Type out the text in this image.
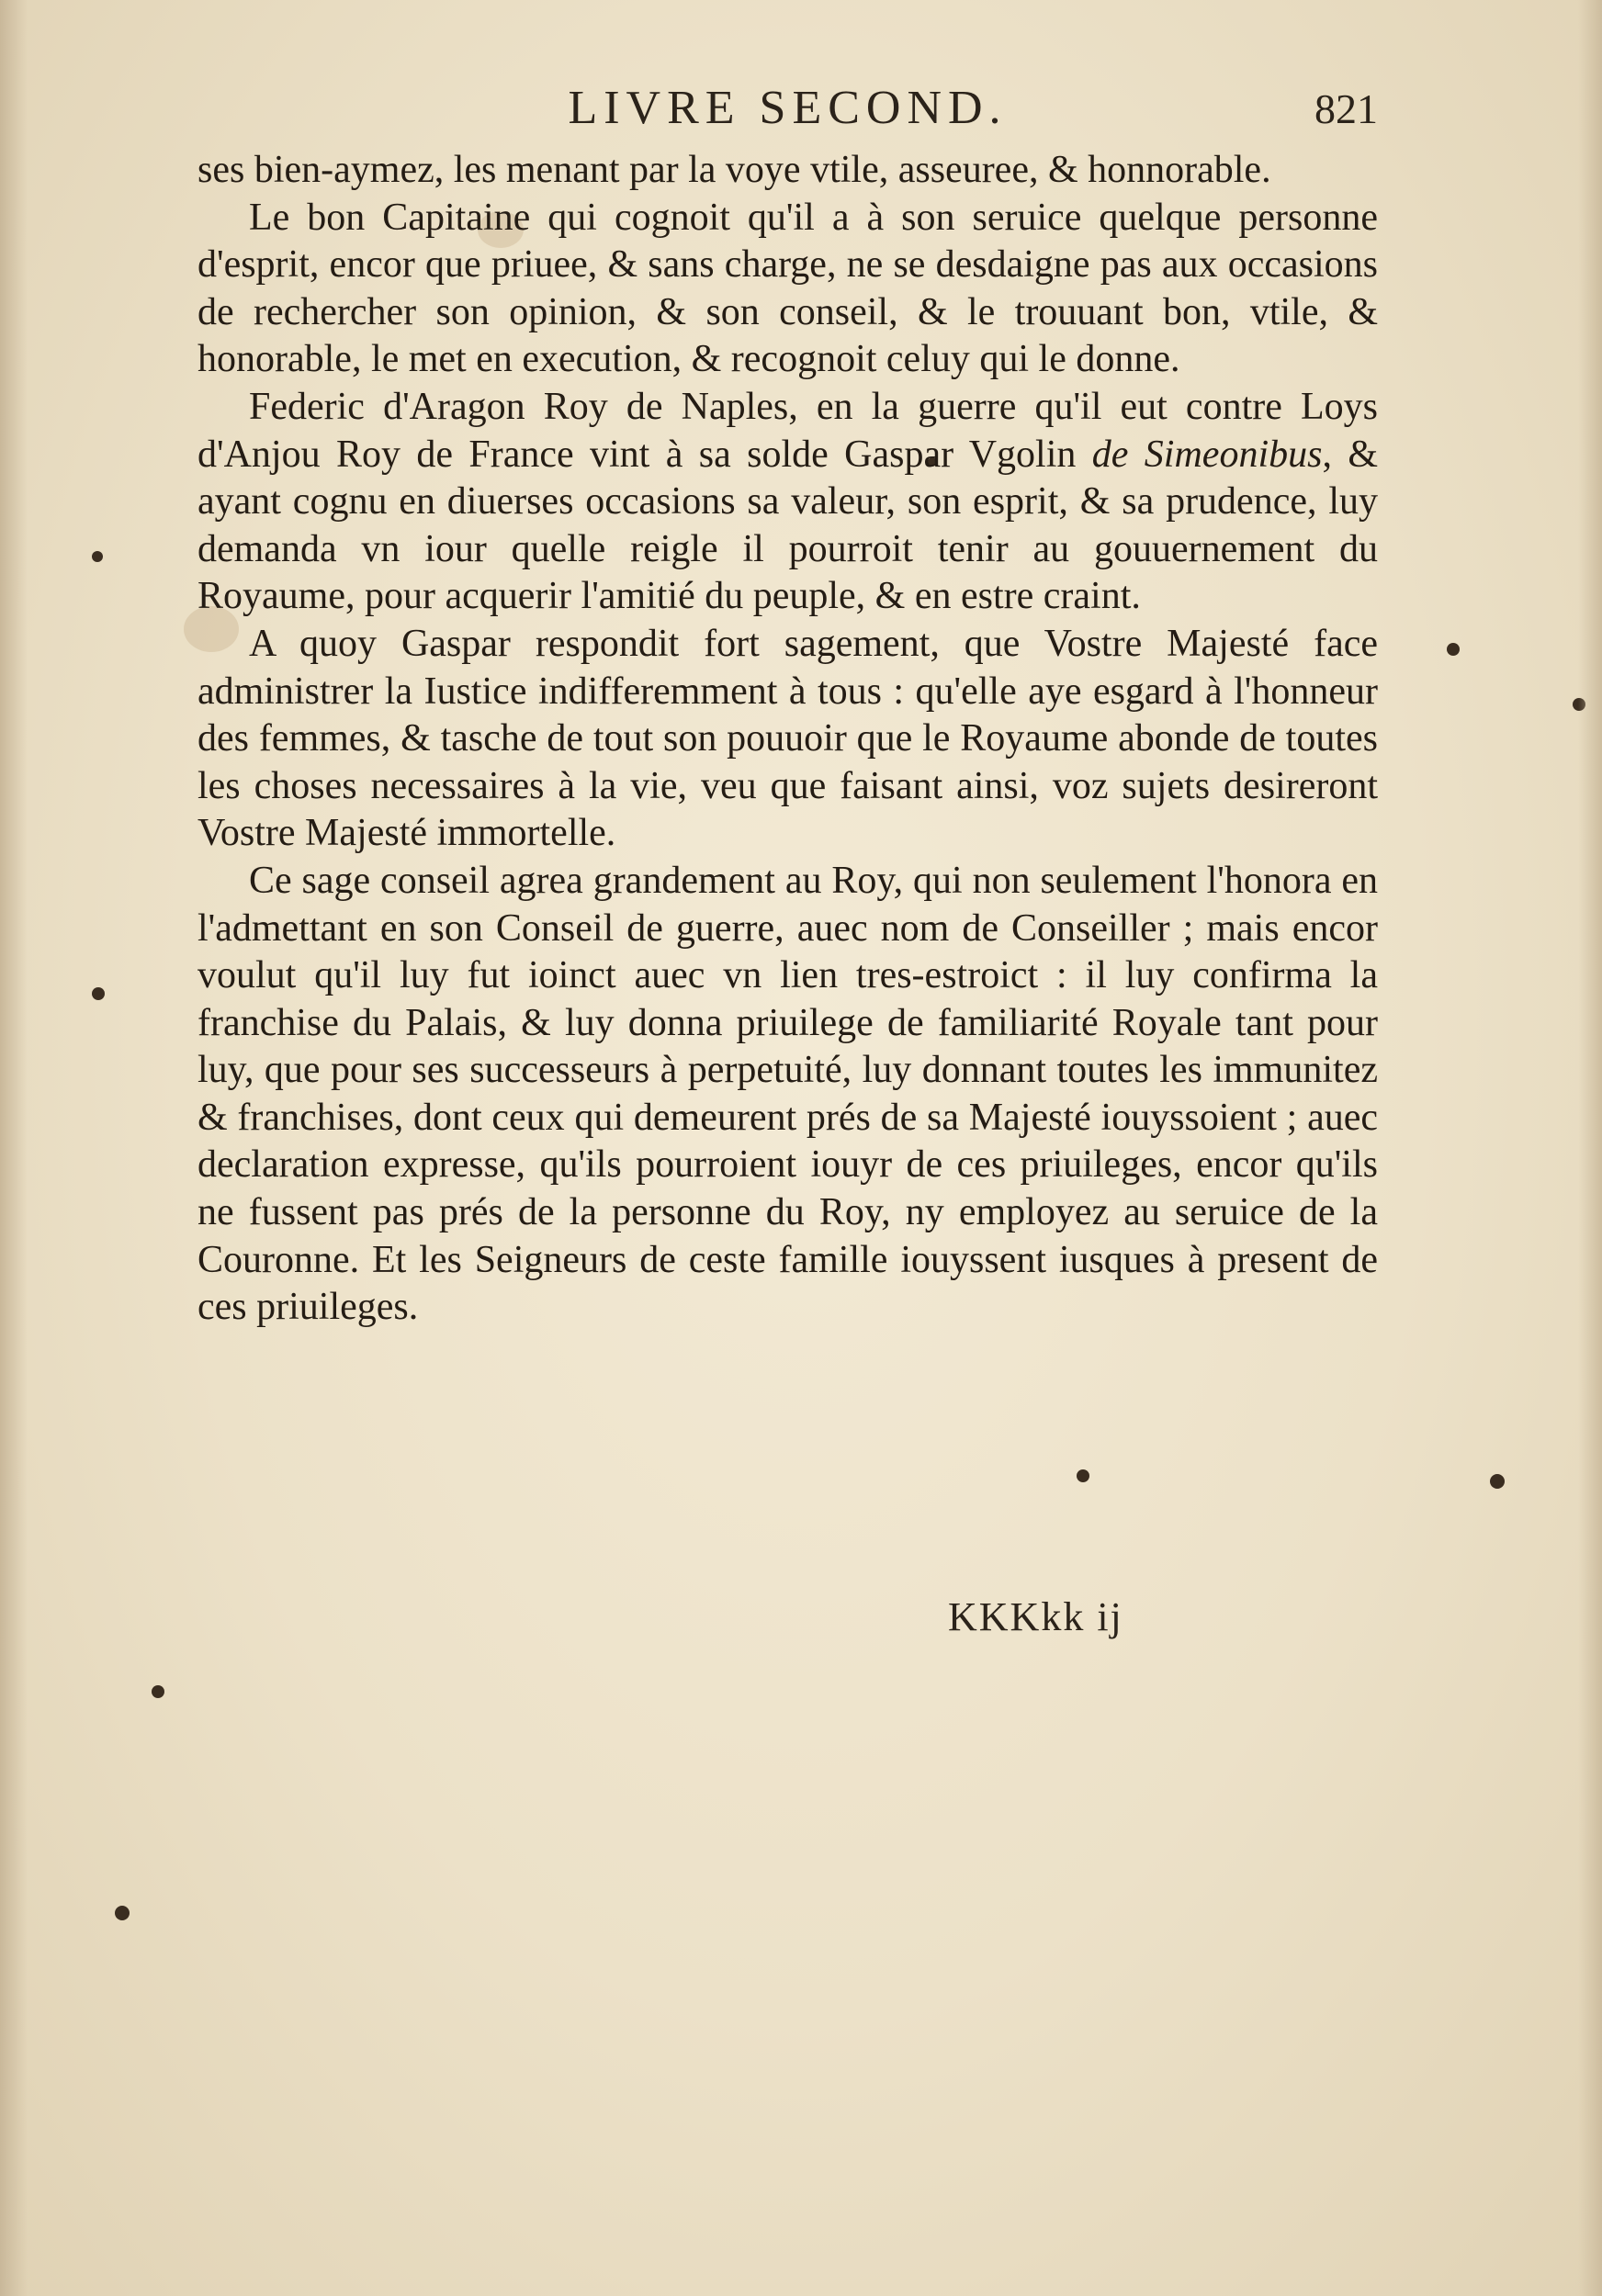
LIVRE SECOND.	821

ses bien-aymez, les menant par la voye vtile, asseuree, & honnorable.

Le bon Capitaine qui cognoit qu'il a à son seruice quelque personne d'esprit, encor que priuee, & sans charge, ne se desdaigne pas aux occasions de rechercher son opinion, & son conseil, & le trouuant bon, vtile, & honorable, le met en execution, & recognoit celuy qui le donne.

Federic d'Aragon Roy de Naples, en la guerre qu'il eut contre Loys d'Anjou Roy de France vint à sa solde Gaspar Vgolin de Simeonibus, & ayant cognu en diuerses occasions sa valeur, son esprit, & sa prudence, luy demanda vn iour quelle reigle il pourroit tenir au gouuernement du Royaume, pour acquerir l'amitié du peuple, & en estre craint.

A quoy Gaspar respondit fort sagement, que Vostre Majesté face administrer la Iustice indifferemment à tous : qu'elle aye esgard à l'honneur des femmes, & tasche de tout son pouuoir que le Royaume abonde de toutes les choses necessaires à la vie, veu que faisant ainsi, voz sujets desireront Vostre Majesté immortelle.

Ce sage conseil agrea grandement au Roy, qui non seulement l'honora en l'admettant en son Conseil de guerre, auec nom de Conseiller ; mais encor voulut qu'il luy fut ioinct auec vn lien tres-estroict : il luy confirma la franchise du Palais, & luy donna priuilege de familiarité Royale tant pour luy, que pour ses successeurs à perpetuité, luy donnant toutes les immunitez & franchises, dont ceux qui demeurent prés de sa Majesté iouyssoient ; auec declaration expresse, qu'ils pourroient iouyr de ces priuileges, encor qu'ils ne fussent pas prés de la personne du Roy, ny employez au seruice de la Couronne. Et les Seigneurs de ceste famille iouyssent iusques à present de ces priuileges.

KKKkk ij
